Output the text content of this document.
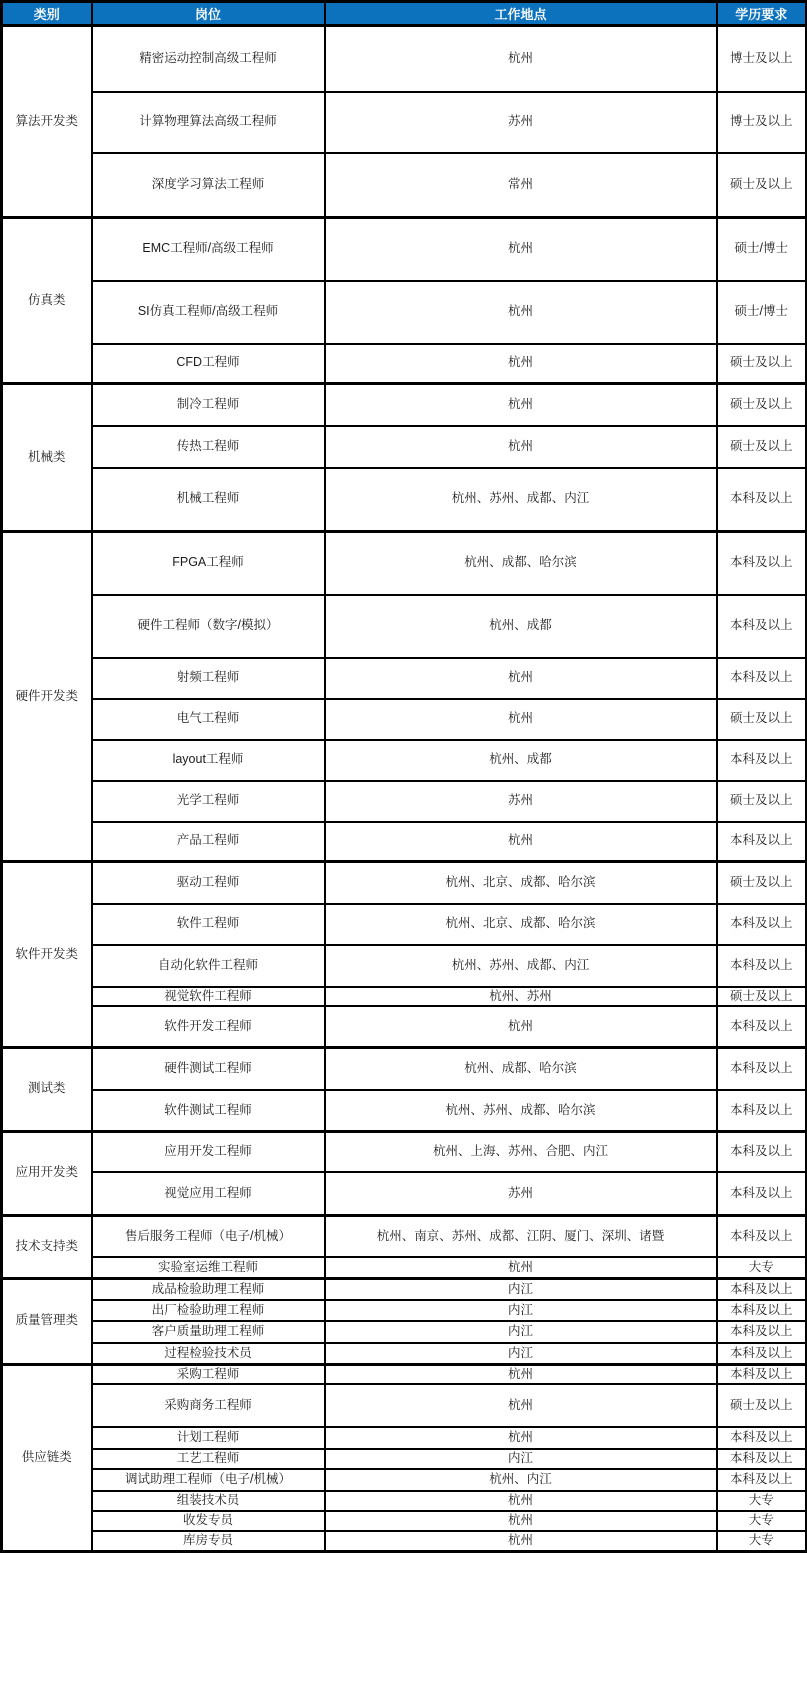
类别	岗位	工作地点	学历要求
算法开发类	精密运动控制高级工程师	杭州	博士及以上
	计算物理算法高级工程师	苏州	博士及以上
	深度学习算法工程师	常州	硕士及以上
仿真类	EMC工程师/高级工程师	杭州	硕士/博士
	SI仿真工程师/高级工程师	杭州	硕士/博士
	CFD工程师	杭州	硕士及以上
机械类	制冷工程师	杭州	硕士及以上
	传热工程师	杭州	硕士及以上
	机械工程师	杭州、苏州、成都、内江	本科及以上
硬件开发类	FPGA工程师	杭州、成都、哈尔滨	本科及以上
	硬件工程师（数字/模拟）	杭州、成都	本科及以上
	射频工程师	杭州	本科及以上
	电气工程师	杭州	硕士及以上
	layout工程师	杭州、成都	本科及以上
	光学工程师	苏州	硕士及以上
	产品工程师	杭州	本科及以上
软件开发类	驱动工程师	杭州、北京、成都、哈尔滨	硕士及以上
	软件工程师	杭州、北京、成都、哈尔滨	本科及以上
	自动化软件工程师	杭州、苏州、成都、内江	本科及以上
	视觉软件工程师	杭州、苏州	硕士及以上
	软件开发工程师	杭州	本科及以上
测试类	硬件测试工程师	杭州、成都、哈尔滨	本科及以上
	软件测试工程师	杭州、苏州、成都、哈尔滨	本科及以上
应用开发类	应用开发工程师	杭州、上海、苏州、合肥、内江	本科及以上
	视觉应用工程师	苏州	本科及以上
技术支持类	售后服务工程师（电子/机械）	杭州、南京、苏州、成都、江阴、厦门、深圳、诸暨	本科及以上
	实验室运维工程师	杭州	大专
质量管理类	成品检验助理工程师	内江	本科及以上
	出厂检验助理工程师	内江	本科及以上
	客户质量助理工程师	内江	本科及以上
	过程检验技术员	内江	本科及以上
供应链类	采购工程师	杭州	本科及以上
	采购商务工程师	杭州	硕士及以上
	计划工程师	杭州	本科及以上
	工艺工程师	内江	本科及以上
	调试助理工程师（电子/机械）	杭州、内江	本科及以上
	组装技术员	杭州	大专
	收发专员	杭州	大专
	库房专员	杭州	大专
